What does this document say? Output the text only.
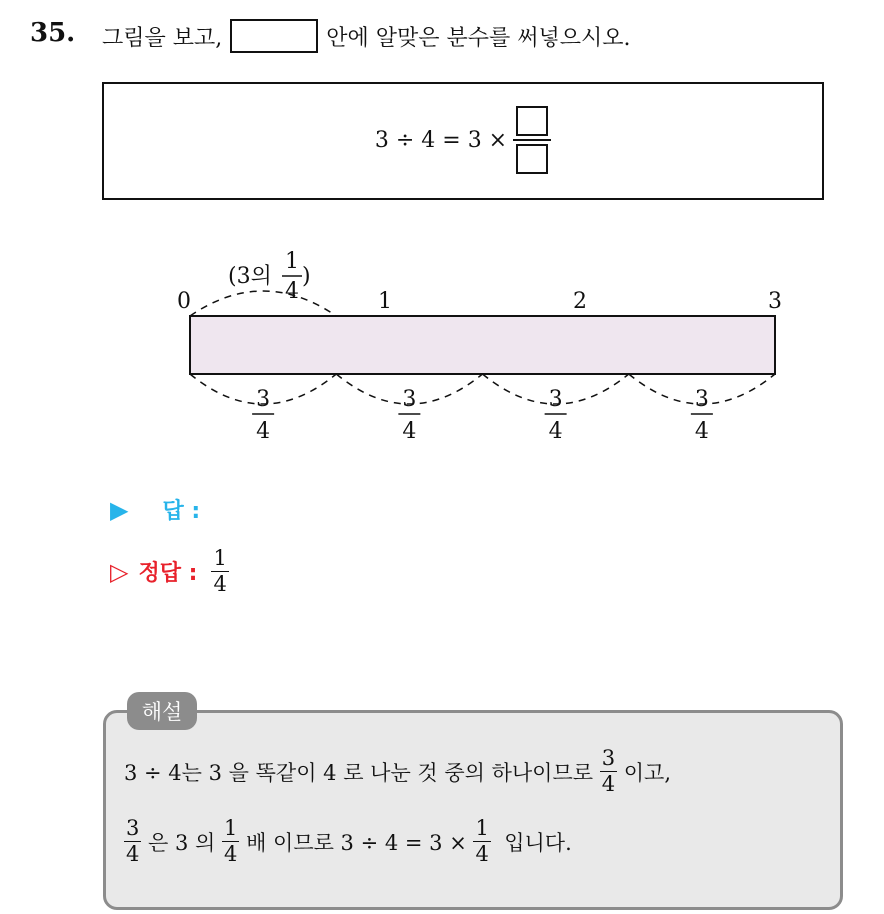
35. 그림을 보고,	안에 알맞은 분수를 써넣으시오.
3 ÷ 4 = 3 ×
0	1	2	3
(3의
1
4
)
3
4
3
4
3
4
3
4
▶ 답 :
▷ 정답 :
1
4
해설
3 ÷ 4는 3 을 똑같이 4 로 나눈 것 중의 하나이므로
3
4 이고,
3
4 은 3 의
1
4 배 이므로 3 ÷ 4 = 3 ×
1
4 입니다.
